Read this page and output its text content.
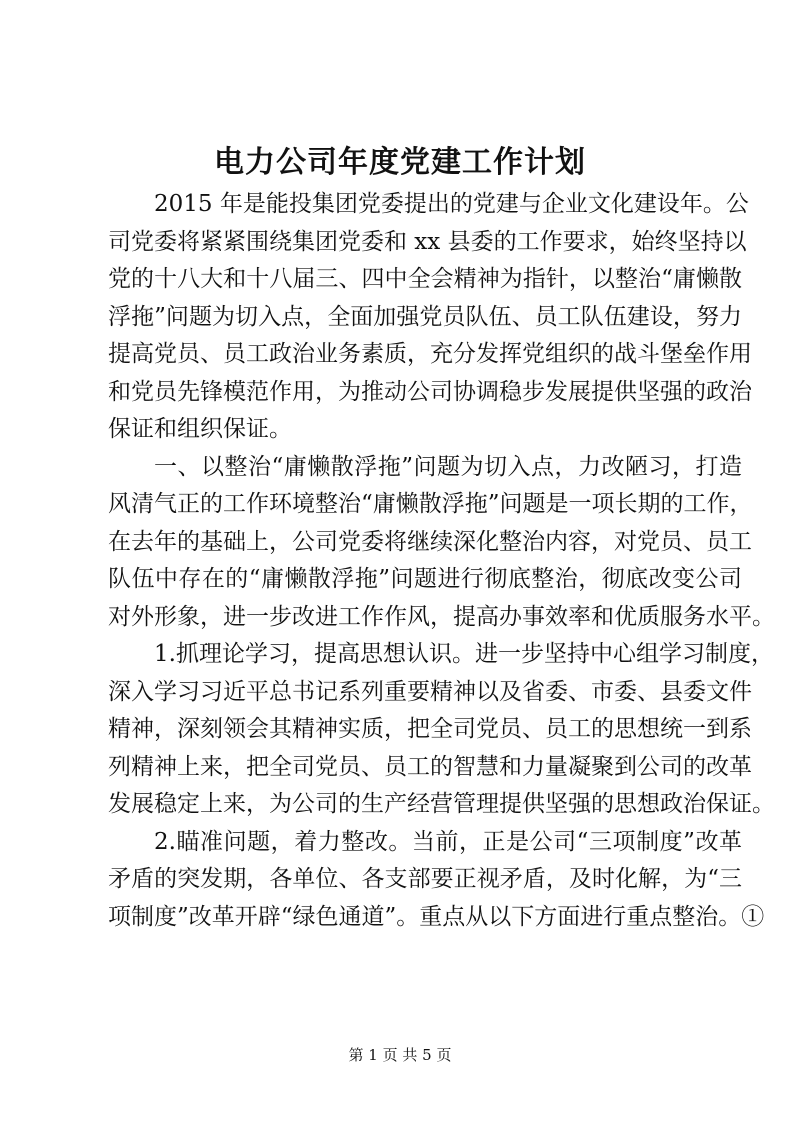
电力公司年度党建工作计划
2015 年是能投集团党委提出的党建与企业文化建设年。公
司党委将紧紧围绕集团党委和 xx 县委的工作要求，始终坚持以
党的十八大和十八届三、四中全会精神为指针，以整治“庸懒散
浮拖”问题为切入点，全面加强党员队伍、员工队伍建设，努力
提高党员、员工政治业务素质，充分发挥党组织的战斗堡垒作用
和党员先锋模范作用，为推动公司协调稳步发展提供坚强的政治
保证和组织保证。
一、以整治“庸懒散浮拖”问题为切入点，力改陋习，打造
风清气正的工作环境整治“庸懒散浮拖”问题是一项长期的工作，
在去年的基础上，公司党委将继续深化整治内容，对党员、员工
队伍中存在的“庸懒散浮拖”问题进行彻底整治，彻底改变公司
对外形象，进一步改进工作作风，提高办事效率和优质服务水平。
1.抓理论学习，提高思想认识。进一步坚持中心组学习制度，
深入学习习近平总书记系列重要精神以及省委、市委、县委文件
精神，深刻领会其精神实质，把全司党员、员工的思想统一到系
列精神上来，把全司党员、员工的智慧和力量凝聚到公司的改革
发展稳定上来，为公司的生产经营管理提供坚强的思想政治保证。
2.瞄准问题，着力整改。当前，正是公司“三项制度”改革
矛盾的突发期，各单位、各支部要正视矛盾，及时化解，为“三
项制度”改革开辟“绿色通道”。重点从以下方面进行重点整治。①
第 1 页 共 5 页
